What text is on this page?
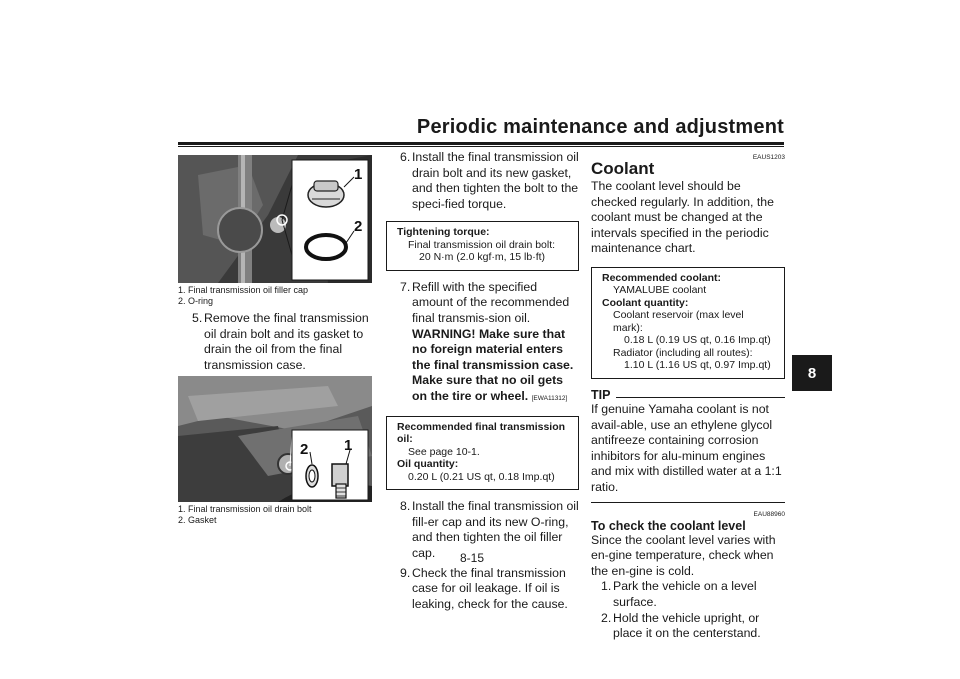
Periodic maintenance and adjustment
8
8-15
1
2
1. Final transmission oil filler cap
2. O-ring
5. Remove the final transmission oil drain bolt and its gasket to drain the oil from the final transmission case.
2 1
1. Final transmission oil drain bolt
2. Gasket
6. Install the final transmission oil drain bolt and its new gasket, and then tighten the bolt to the speci-fied torque.
Tightening torque:
Final transmission oil drain bolt:
20 N·m (2.0 kgf·m, 15 lb·ft)
7. Refill with the specified amount of the recommended final transmis-sion oil. WARNING! Make sure that no foreign material enters the final transmission case. Make sure that no oil gets on the tire or wheel. [EWA11312]
Recommended final transmission oil:
See page 10-1.
Oil quantity:
0.20 L (0.21 US qt, 0.18 Imp.qt)
8. Install the final transmission oil fill-er cap and its new O-ring, and then tighten the oil filler cap.
9. Check the final transmission case for oil leakage. If oil is leaking, check for the cause.
EAUS1203
Coolant
The coolant level should be checked regularly. In addition, the coolant must be changed at the intervals specified in the periodic maintenance chart.
Recommended coolant:
YAMALUBE coolant
Coolant quantity:
Coolant reservoir (max level mark):
0.18 L (0.19 US qt, 0.16 Imp.qt)
Radiator (including all routes):
1.10 L (1.16 US qt, 0.97 Imp.qt)
TIP
If genuine Yamaha coolant is not avail-able, use an ethylene glycol antifreeze containing corrosion inhibitors for alu-minum engines and mix with distilled water at a 1:1 ratio.
EAU88960
To check the coolant level
Since the coolant level varies with en-gine temperature, check when the en-gine is cold.
1. Park the vehicle on a level surface.
2. Hold the vehicle upright, or place it on the centerstand.
